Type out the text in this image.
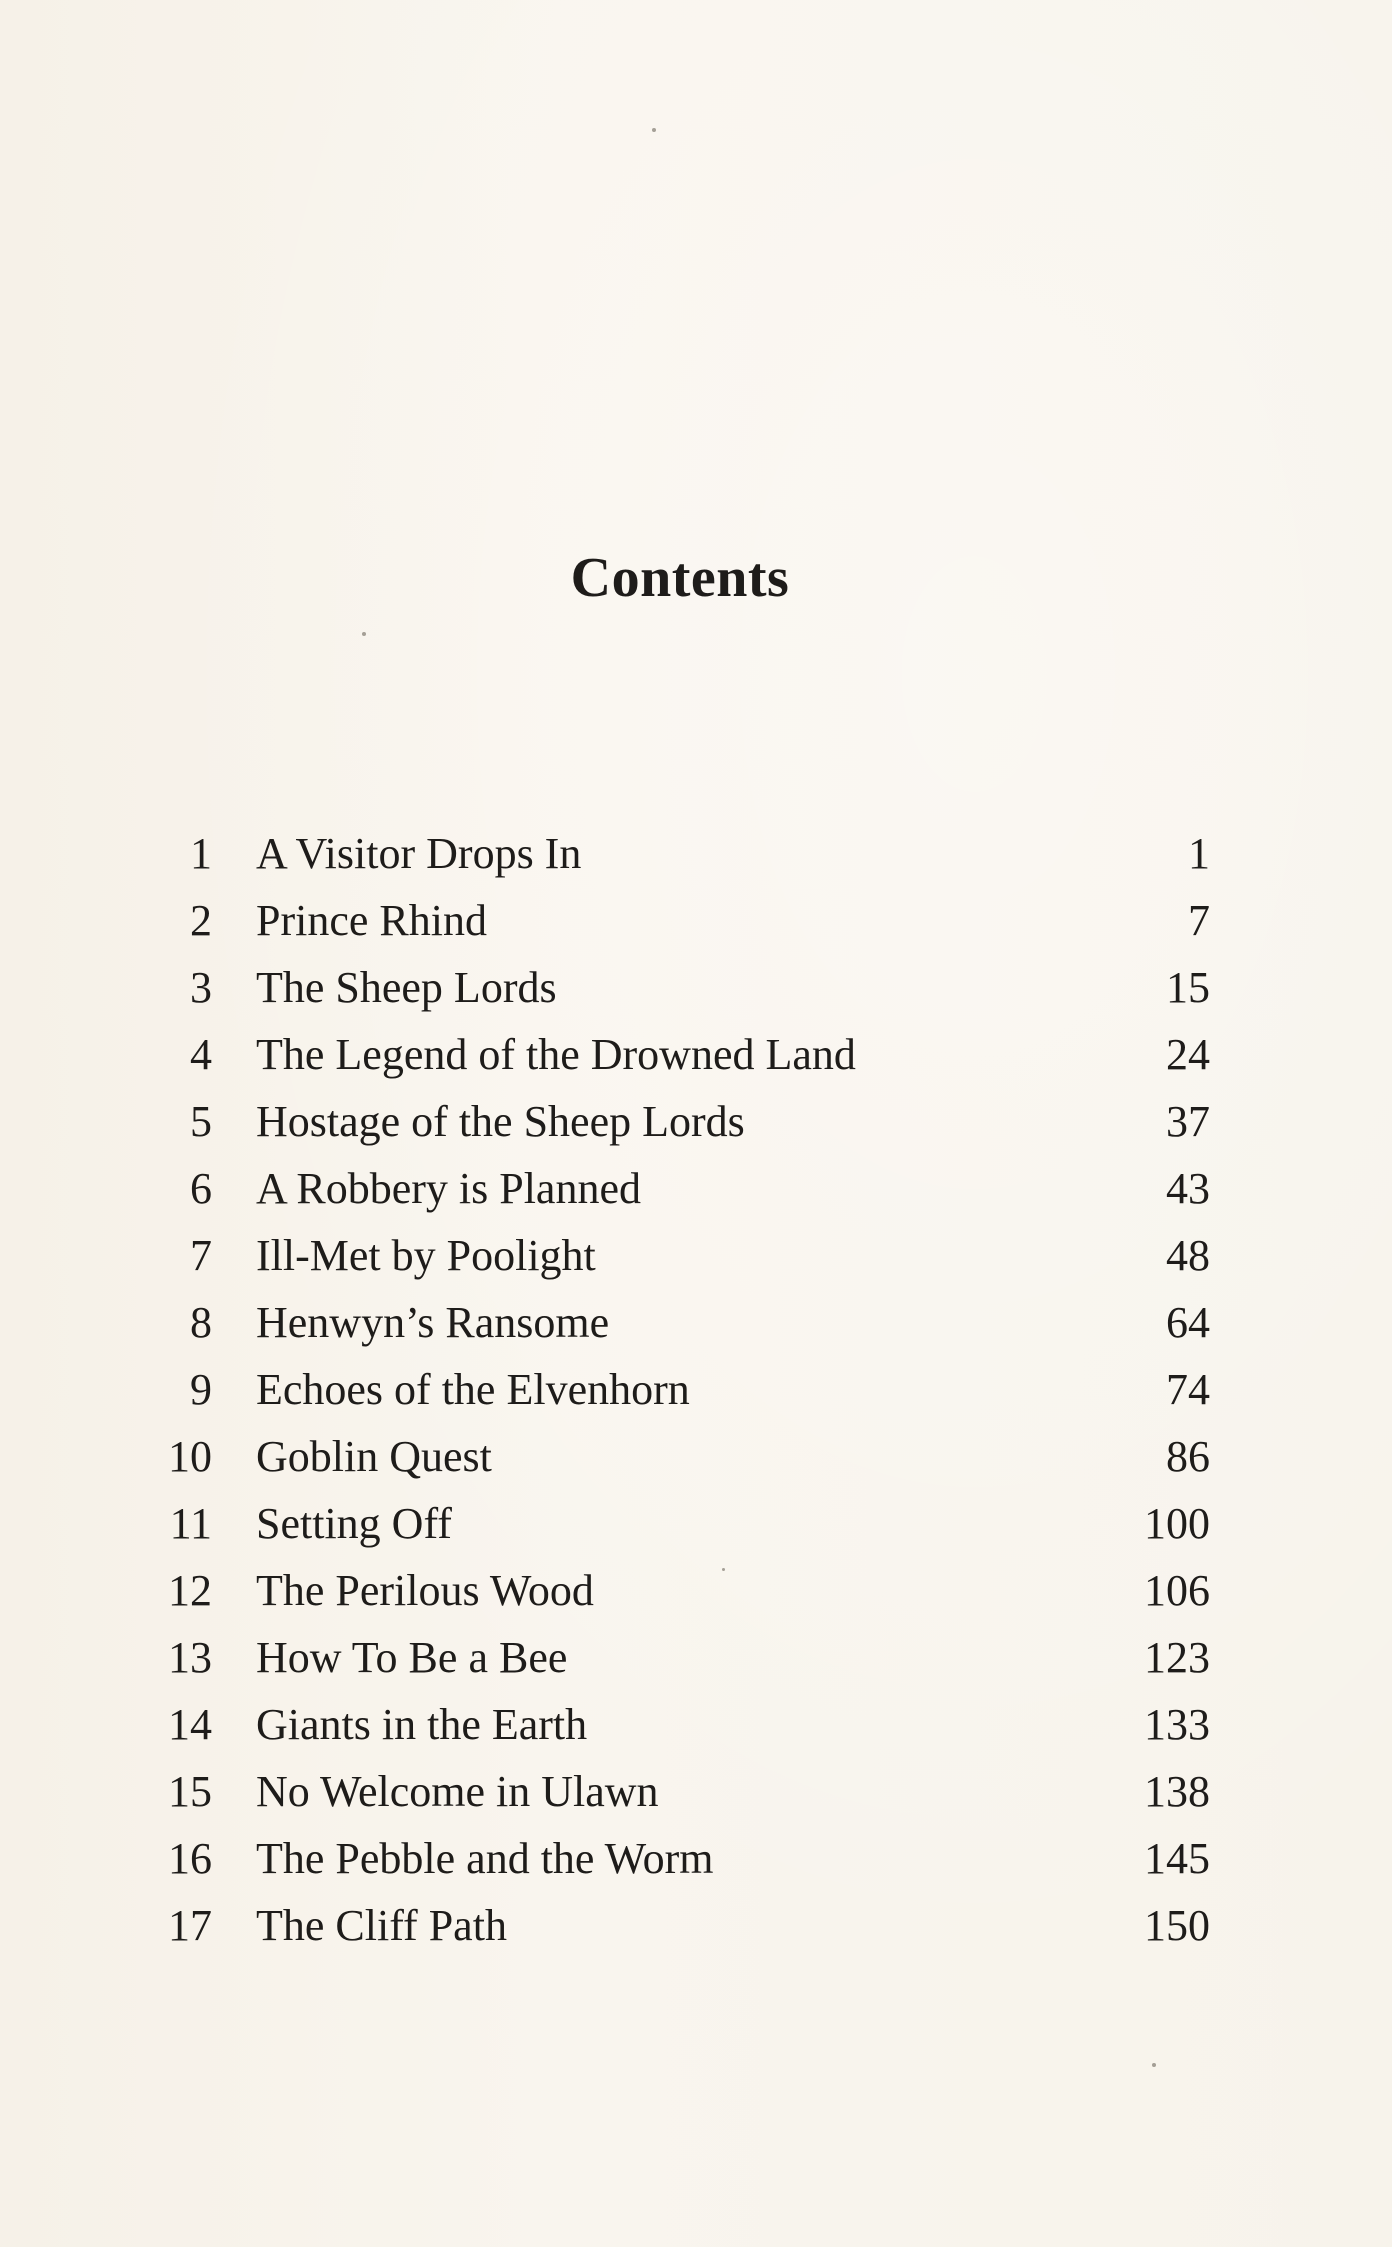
Contents
1 A Visitor Drops In	1
2 Prince Rhind	7
3 The Sheep Lords	15
4 The Legend of the Drowned Land	24
5 Hostage of the Sheep Lords	37
6 A Robbery is Planned	43
7 Ill-Met by Poolight	48
8 Henwyn’s Ransome	64
9 Echoes of the Elvenhorn	74
10 Goblin Quest	86
11 Setting Off	100
12 The Perilous Wood	106
13 How To Be a Bee	123
14 Giants in the Earth	133
15 No Welcome in Ulawn	138
16 The Pebble and the Worm	145
17 The Cliff Path	150
